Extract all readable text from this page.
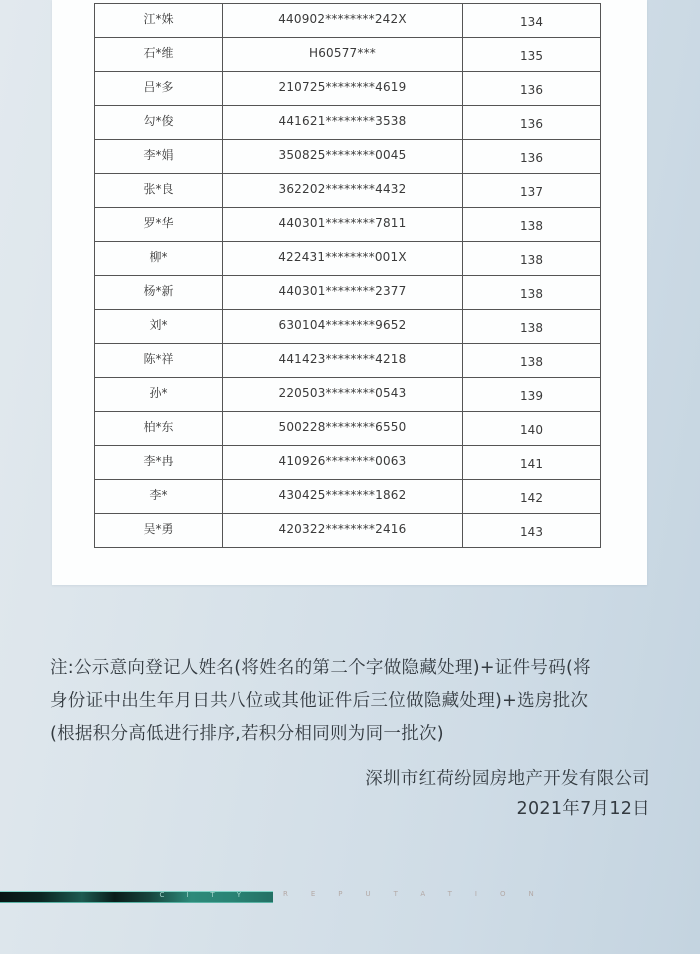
江*姝	440902********242X	134
石*维	H60577***	135
吕*多	210725********4619	136
勾*俊	441621********3538	136
李*娟	350825********0045	136
张*良	362202********4432	137
罗*华	440301********7811	138
柳*	422431********001X	138
杨*新	440301********2377	138
刘*	630104********9652	138
陈*祥	441423********4218	138
孙*	220503********0543	139
柏*东	500228********6550	140
李*冉	410926********0063	141
李*	430425********1862	142
吴*勇	420322********2416	143
注:公示意向登记人姓名(将姓名的第二个字做隐藏处理)+证件号码(将
身份证中出生年月日共八位或其他证件后三位做隐藏处理)+选房批次
(根据积分高低进行排序,若积分相同则为同一批次)
深圳市红荷纷园房地产开发有限公司
2021年7月12日
CITY	REPUTATION
